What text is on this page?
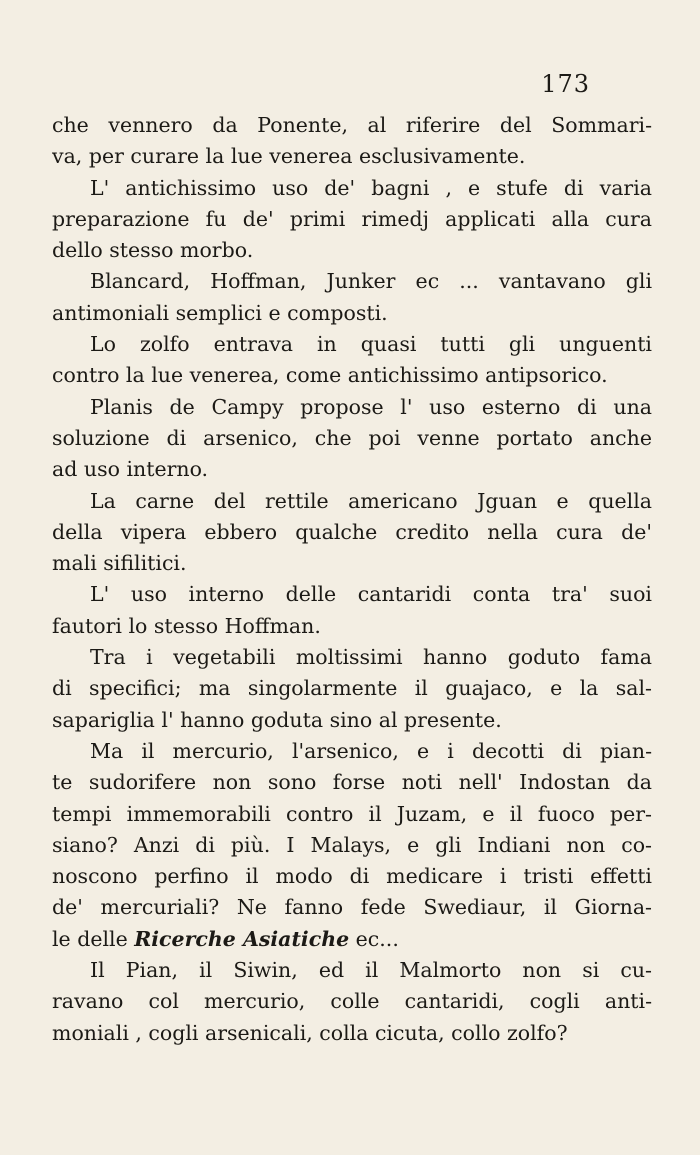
173

che vennero da Ponente, al riferire del Sommari-
va, per curare la lue venerea esclusivamente.

L' antichissimo uso de' bagni , e stufe di varia
preparazione fu de' primi rimedj applicati alla cura
dello stesso morbo.

Blancard, Hoffman, Junker ec ... vantavano gli
antimoniali semplici e composti.

Lo zolfo entrava in quasi tutti gli unguenti
contro la lue venerea, come antichissimo antipsorico.

Planis de Campy propose l' uso esterno di una
soluzione di arsenico, che poi venne portato anche
ad uso interno.

La carne del rettile americano Jguan e quella
della vipera ebbero qualche credito nella cura de'
mali sifilitici.

L' uso interno delle cantaridi conta tra' suoi
fautori lo stesso Hoffman.

Tra i vegetabili moltissimi hanno goduto fama
di specifici; ma singolarmente il guajaco, e la sal-
sapariglia l' hanno goduta sino al presente.

Ma il mercurio, l'arsenico, e i decotti di pian-
te sudorifere non sono forse noti nell' Indostan da
tempi immemorabili contro il Juzam, e il fuoco per-
siano? Anzi di più. I Malays, e gli Indiani non co-
noscono perfino il modo di medicare i tristi effetti
de' mercuriali? Ne fanno fede Swediaur, il Giorna-
le delle Ricerche Asiatiche ec...

Il Pian, il Siwin, ed il Malmorto non si cu-
ravano col mercurio, colle cantaridi, cogli anti-
moniali , cogli arsenicali, colla cicuta, collo zolfo?
